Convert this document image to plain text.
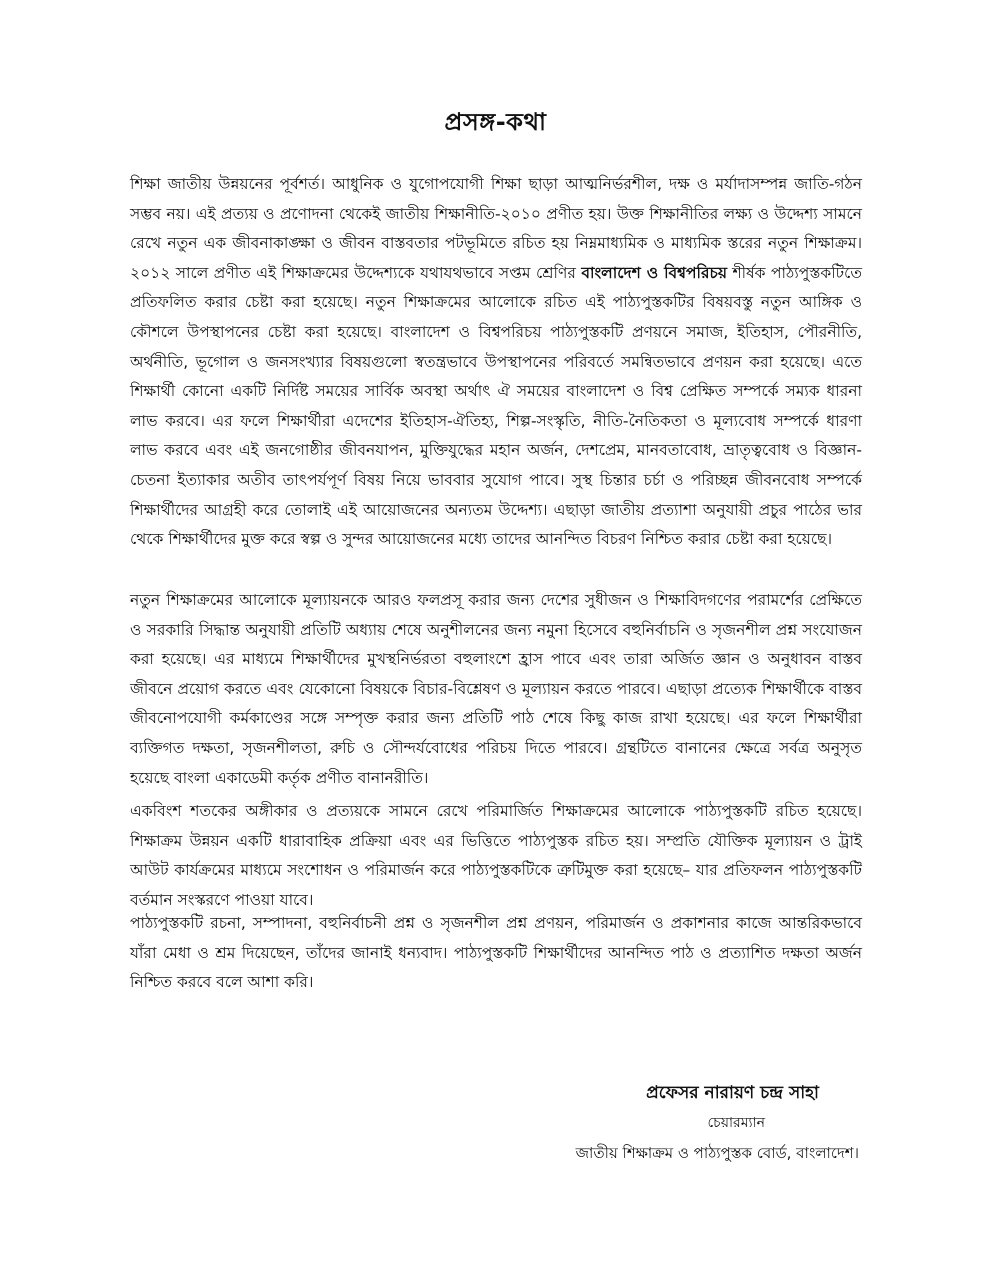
প্রসঙ্গ-কথা

শিক্ষা জাতীয় উন্নয়নের পূর্বশর্ত। আধুনিক ও যুগোপযোগী শিক্ষা ছাড়া আত্মনির্ভরশীল, দক্ষ ও মর্যাদাসম্পন্ন জাতি-গঠন সম্ভব নয়। এই প্রত্যয় ও প্রণোদনা থেকেই জাতীয় শিক্ষানীতি-২০১০ প্রণীত হয়। উক্ত শিক্ষানীতির লক্ষ্য ও উদ্দেশ্য সামনে রেখে নতুন এক জীবনাকাঙ্ক্ষা ও জীবন বাস্তবতার পটভূমিতে রচিত হয় নিম্নমাধ্যমিক ও মাধ্যমিক স্তরের নতুন শিক্ষাক্রম। ২০১২ সালে প্রণীত এই শিক্ষাক্রমের উদ্দেশ্যকে যথাযথভাবে সপ্তম শ্রেণির বাংলাদেশ ও বিশ্বপরিচয় শীর্ষক পাঠ্যপুস্তকটিতে প্রতিফলিত করার চেষ্টা করা হয়েছে। নতুন শিক্ষাক্রমের আলোকে রচিত এই পাঠ্যপুস্তকটির বিষয়বস্তু নতুন আঙ্গিক ও কৌশলে উপস্থাপনের চেষ্টা করা হয়েছে। বাংলাদেশ ও বিশ্বপরিচয় পাঠ্যপুস্তকটি প্রণয়নে সমাজ, ইতিহাস, পৌরনীতি, অর্থনীতি, ভূগোল ও জনসংখ্যার বিষয়গুলো স্বতন্ত্রভাবে উপস্থাপনের পরিবর্তে সমন্বিতভাবে প্রণয়ন করা হয়েছে। এতে শিক্ষার্থী কোনো একটি নির্দিষ্ট সময়ের সার্বিক অবস্থা অর্থাৎ ঐ সময়ের বাংলাদেশ ও বিশ্ব প্রেক্ষিত সম্পর্কে সম্যক ধারনা লাভ করবে। এর ফলে শিক্ষার্থীরা এদেশের ইতিহাস-ঐতিহ্য, শিল্প-সংস্কৃতি, নীতি-নৈতিকতা ও মূল্যবোধ সম্পর্কে ধারণা লাভ করবে এবং এই জনগোষ্ঠীর জীবনযাপন, মুক্তিযুদ্ধের মহান অর্জন, দেশপ্রেম, মানবতাবোধ, ভ্রাতৃত্ববোধ ও বিজ্ঞান-চেতনা ইত্যাকার অতীব তাৎপর্যপূর্ণ বিষয় নিয়ে ভাববার সুযোগ পাবে। সুস্থ চিন্তার চর্চা ও পরিচ্ছন্ন জীবনবোধ সম্পর্কে শিক্ষার্থীদের আগ্রহী করে তোলাই এই আয়োজনের অন্যতম উদ্দেশ্য। এছাড়া জাতীয় প্রত্যাশা অনুযায়ী প্রচুর পাঠের ভার থেকে শিক্ষার্থীদের মুক্ত করে স্বল্প ও সুন্দর আয়োজনের মধ্যে তাদের আনন্দিত বিচরণ নিশ্চিত করার চেষ্টা করা হয়েছে।

নতুন শিক্ষাক্রমের আলোকে মূল্যায়নকে আরও ফলপ্রসূ করার জন্য দেশের সুধীজন ও শিক্ষাবিদগণের পরামর্শের প্রেক্ষিতে ও সরকারি সিদ্ধান্ত অনুযায়ী প্রতিটি অধ্যায় শেষে অনুশীলনের জন্য নমুনা হিসেবে বহুনির্বাচনি ও সৃজনশীল প্রশ্ন সংযোজন করা হয়েছে। এর মাধ্যমে শিক্ষার্থীদের মুখস্থনির্ভরতা বহুলাংশে হ্রাস পাবে এবং তারা অর্জিত জ্ঞান ও অনুধাবন বাস্তব জীবনে প্রয়োগ করতে এবং যেকোনো বিষয়কে বিচার-বিশ্লেষণ ও মূল্যায়ন করতে পারবে। এছাড়া প্রত্যেক শিক্ষার্থীকে বাস্তব জীবনোপযোগী কর্মকাণ্ডের সঙ্গে সম্পৃক্ত করার জন্য প্রতিটি পাঠ শেষে কিছু কাজ রাখা হয়েছে। এর ফলে শিক্ষার্থীরা ব্যক্তিগত দক্ষতা, সৃজনশীলতা, রুচি ও সৌন্দর্যবোধের পরিচয় দিতে পারবে। গ্রন্থটিতে বানানের ক্ষেত্রে সর্বত্র অনুসৃত হয়েছে বাংলা একাডেমী কর্তৃক প্রণীত বানানরীতি।

একবিংশ শতকের অঙ্গীকার ও প্রত্যয়কে সামনে রেখে পরিমার্জিত শিক্ষাক্রমের আলোকে পাঠ্যপুস্তকটি রচিত হয়েছে। শিক্ষাক্রম উন্নয়ন একটি ধারাবাহিক প্রক্রিয়া এবং এর ভিত্তিতে পাঠ্যপুস্তক রচিত হয়। সম্প্রতি যৌক্তিক মূল্যায়ন ও ট্রাই আউট কার্যক্রমের মাধ্যমে সংশোধন ও পরিমার্জন করে পাঠ্যপুস্তকটিকে ত্রুটিমুক্ত করা হয়েছে– যার প্রতিফলন পাঠ্যপুস্তকটি বর্তমান সংস্করণে পাওয়া যাবে।

পাঠ্যপুস্তকটি রচনা, সম্পাদনা, বহুনির্বাচনী প্রশ্ন ও সৃজনশীল প্রশ্ন প্রণয়ন, পরিমার্জন ও প্রকাশনার কাজে আন্তরিকভাবে যাঁরা মেধা ও শ্রম দিয়েছেন, তাঁদের জানাই ধন্যবাদ। পাঠ্যপুস্তকটি শিক্ষার্থীদের আনন্দিত পাঠ ও প্রত্যাশিত দক্ষতা অর্জন নিশ্চিত করবে বলে আশা করি।

প্রফেসর নারায়ণ চন্দ্র সাহা
চেয়ারম্যান
জাতীয় শিক্ষাক্রম ও পাঠ্যপুস্তক বোর্ড, বাংলাদেশ।
